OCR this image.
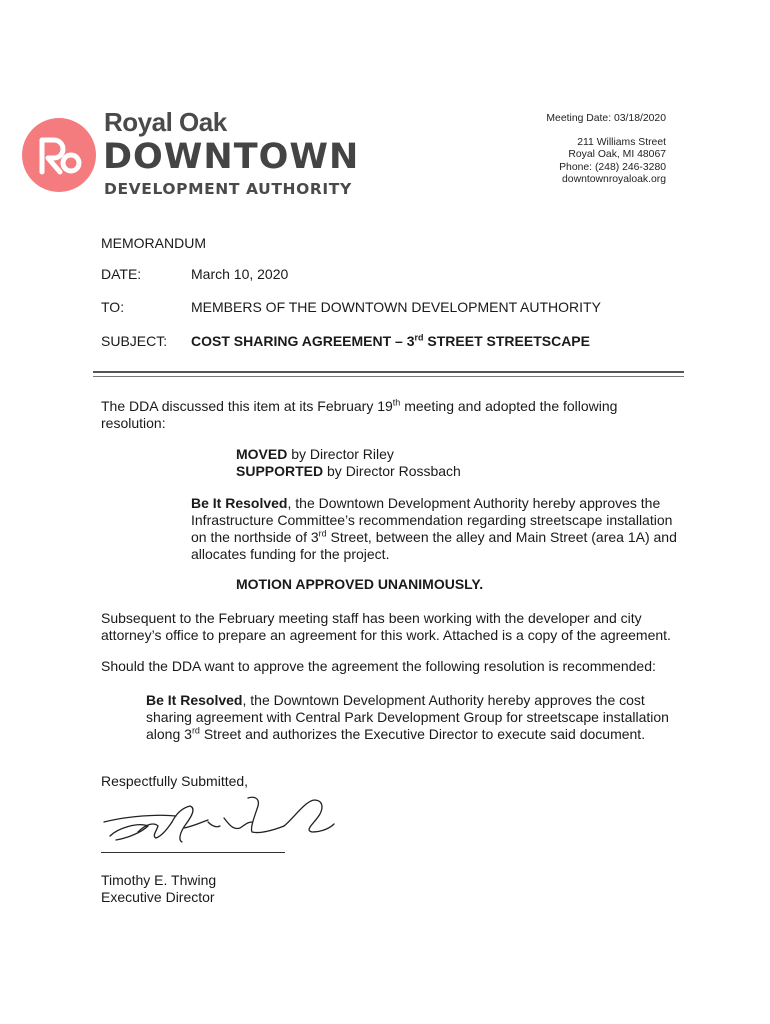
Royal Oak
DOWNTOWN
DEVELOPMENT AUTHORITY
Meeting Date: 03/18/2020
211 Williams Street
Royal Oak, MI 48067
Phone: (248) 246-3280
downtownroyaloak.org
MEMORANDUM
DATE:	March 10, 2020
TO:	MEMBERS OF THE DOWNTOWN DEVELOPMENT AUTHORITY
SUBJECT: COST SHARING AGREEMENT – 3rd STREET STREETSCAPE
The DDA discussed this item at its February 19th meeting and adopted the following
resolution:
MOVED by Director Riley
SUPPORTED by Director Rossbach
Be It Resolved, the Downtown Development Authority hereby approves the
Infrastructure Committee’s recommendation regarding streetscape installation
on the northside of 3rd Street, between the alley and Main Street (area 1A) and
allocates funding for the project.
MOTION APPROVED UNANIMOUSLY.
Subsequent to the February meeting staff has been working with the developer and city
attorney’s office to prepare an agreement for this work. Attached is a copy of the agreement.
Should the DDA want to approve the agreement the following resolution is recommended:
Be It Resolved, the Downtown Development Authority hereby approves the cost
sharing agreement with Central Park Development Group for streetscape installation
along 3rd Street and authorizes the Executive Director to execute said document.
Respectfully Submitted,
Timothy E. Thwing
Executive Director
